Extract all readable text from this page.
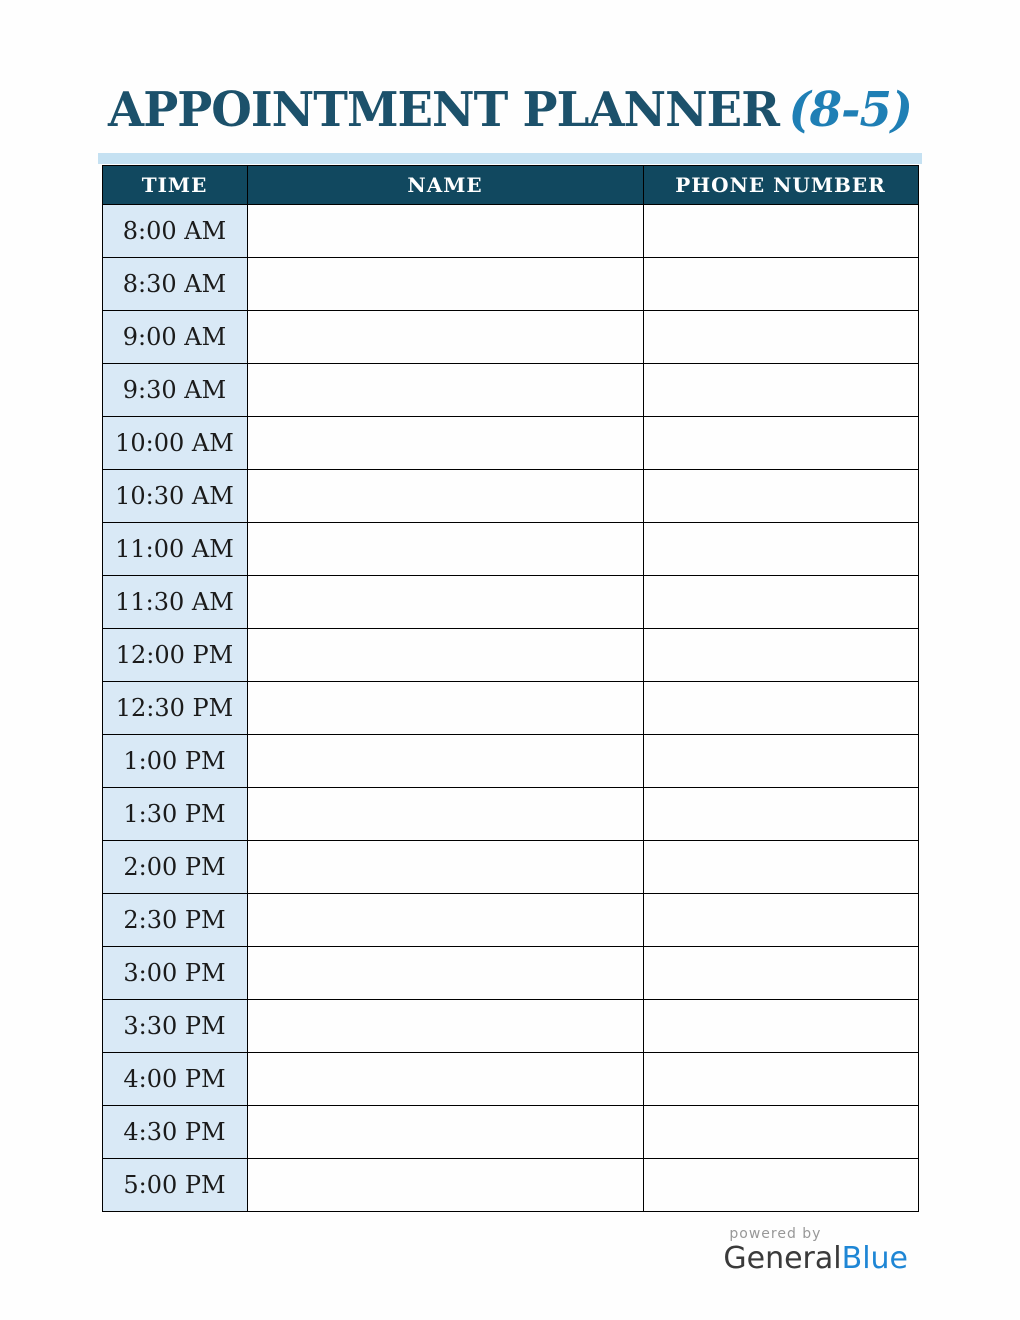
APPOINTMENT PLANNER (8-5)
TIME	NAME	PHONE NUMBER
8:00 AM		
8:30 AM		
9:00 AM		
9:30 AM		
10:00 AM		
10:30 AM		
11:00 AM		
11:30 AM		
12:00 PM		
12:30 PM		
1:00 PM		
1:30 PM		
2:00 PM		
2:30 PM		
3:00 PM		
3:30 PM		
4:00 PM		
4:30 PM		
5:00 PM		
powered by
GeneralBlue
